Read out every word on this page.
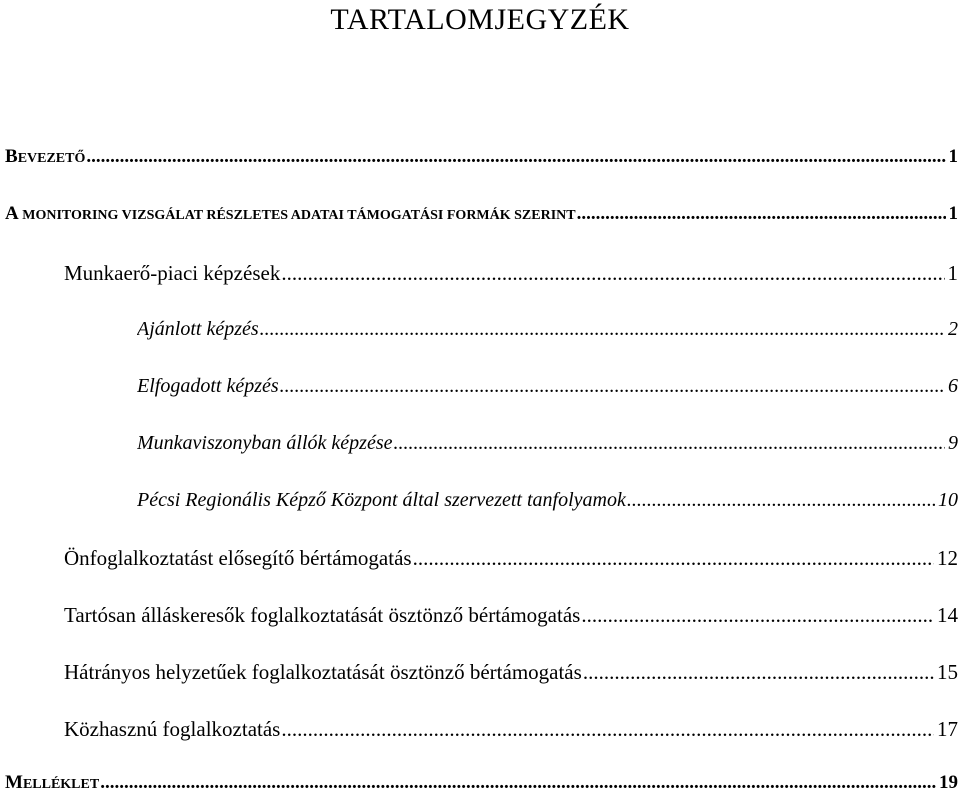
TARTALOMJEGYZÉK
BEVEZETŐ .....	1
A MONITORING VIZSGÁLAT RÉSZLETES ADATAI TÁMOGATÁSI FORMÁK SZERINT .....	1
Munkaerő-piaci képzések .....	1
Ajánlott képzés .....	2
Elfogadott képzés .....	6
Munkaviszonyban állók képzése .....	9
Pécsi Regionális Képző Központ által szervezett tanfolyamok .....	10
Önfoglalkoztatást elősegítő bértámogatás .....	12
Tartósan álláskeresők foglalkoztatását ösztönző bértámogatás .....	14
Hátrányos helyzetűek foglalkoztatását ösztönző bértámogatás .....	15
Közhasznú foglalkoztatás .....	17
MELLÉKLET .....	19
